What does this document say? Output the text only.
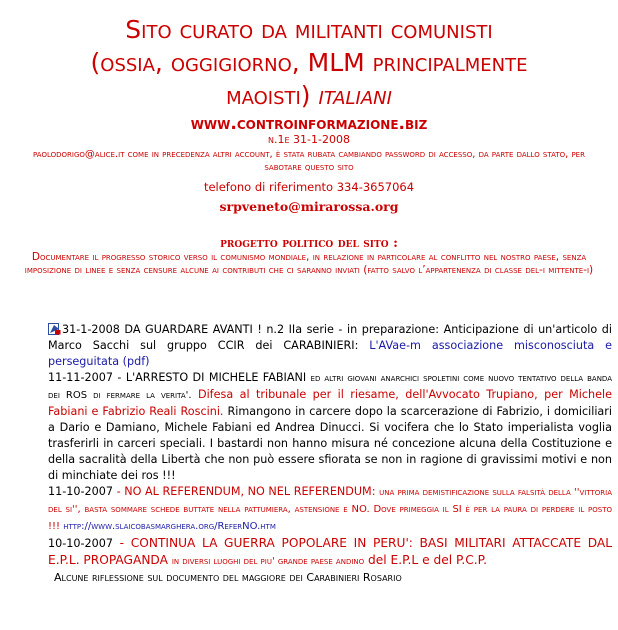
Sito curato da militanti comunisti
(ossia, oggigiorno, MLM principalmente
maoisti) italiani
www.controinformazione.biz
n.1e 31-1-2008
paolodorigo@alice.it come in precedenza altri account, è stata rubata cambiando password di accesso, da parte dallo stato, per sabotare questo sito
telefono di riferimento 334-3657064
srpveneto@mirarossa.org
progetto politico del sito :
Documentare il progresso storico verso il comunismo mondiale, in relazione in particolare al conflitto nel nostro paese, senza imposizione di linee e senza censure alcune ai contributi che ci saranno inviati (fatto salvo l’appartenenza di classe del-i mittente-i)

31-1-2008 DA GUARDARE AVANTI ! n.2 IIa serie - in preparazione: Anticipazione di un'articolo di Marco Sacchi sul gruppo CCIR dei CARABINIERI: L'AVae-m associazione misconosciuta e perseguitata (pdf)

11-11-2007 - L'ARRESTO DI MICHELE FABIANI ed altri giovani anarchici spoletini come nuovo tentativo della banda dei ROS di fermare la verita'. Difesa al tribunale per il riesame, dell'Avvocato Trupiano, per Michele Fabiani e Fabrizio Reali Roscini. Rimangono in carcere dopo la scarcerazione di Fabrizio, i domiciliari a Dario e Damiano, Michele Fabiani ed Andrea Dinucci. Si vocifera che lo Stato imperialista voglia trasferirli in carceri speciali. I bastardi non hanno misura né concezione alcuna della Costituzione e della sacralità della Libertà che non può essere sfiorata se non in ragione di gravissimi motivi e non di minchiate dei ros !!!

11-10-2007 - NO AL REFERENDUM, NO NEL REFERENDUM: una prima demistificazione sulla falsità della ''vittoria del si'', basta sommare schede buttate nella pattumiera, astensione e NO. Dove primeggia il SI è per la paura di perdere il posto !!! http://www.slaicobasmarghera.org/ReferNO.htm

10-10-2007 - CONTINUA LA GUERRA POPOLARE IN PERU': BASI MILITARI ATTACCATE DAL E.P.L. PROPAGANDA in diversi luoghi del piu' grande paese andino del E.P.L e del P.C.P.

Alcune riflessione sul documento del maggiore dei Carabinieri Rosario
